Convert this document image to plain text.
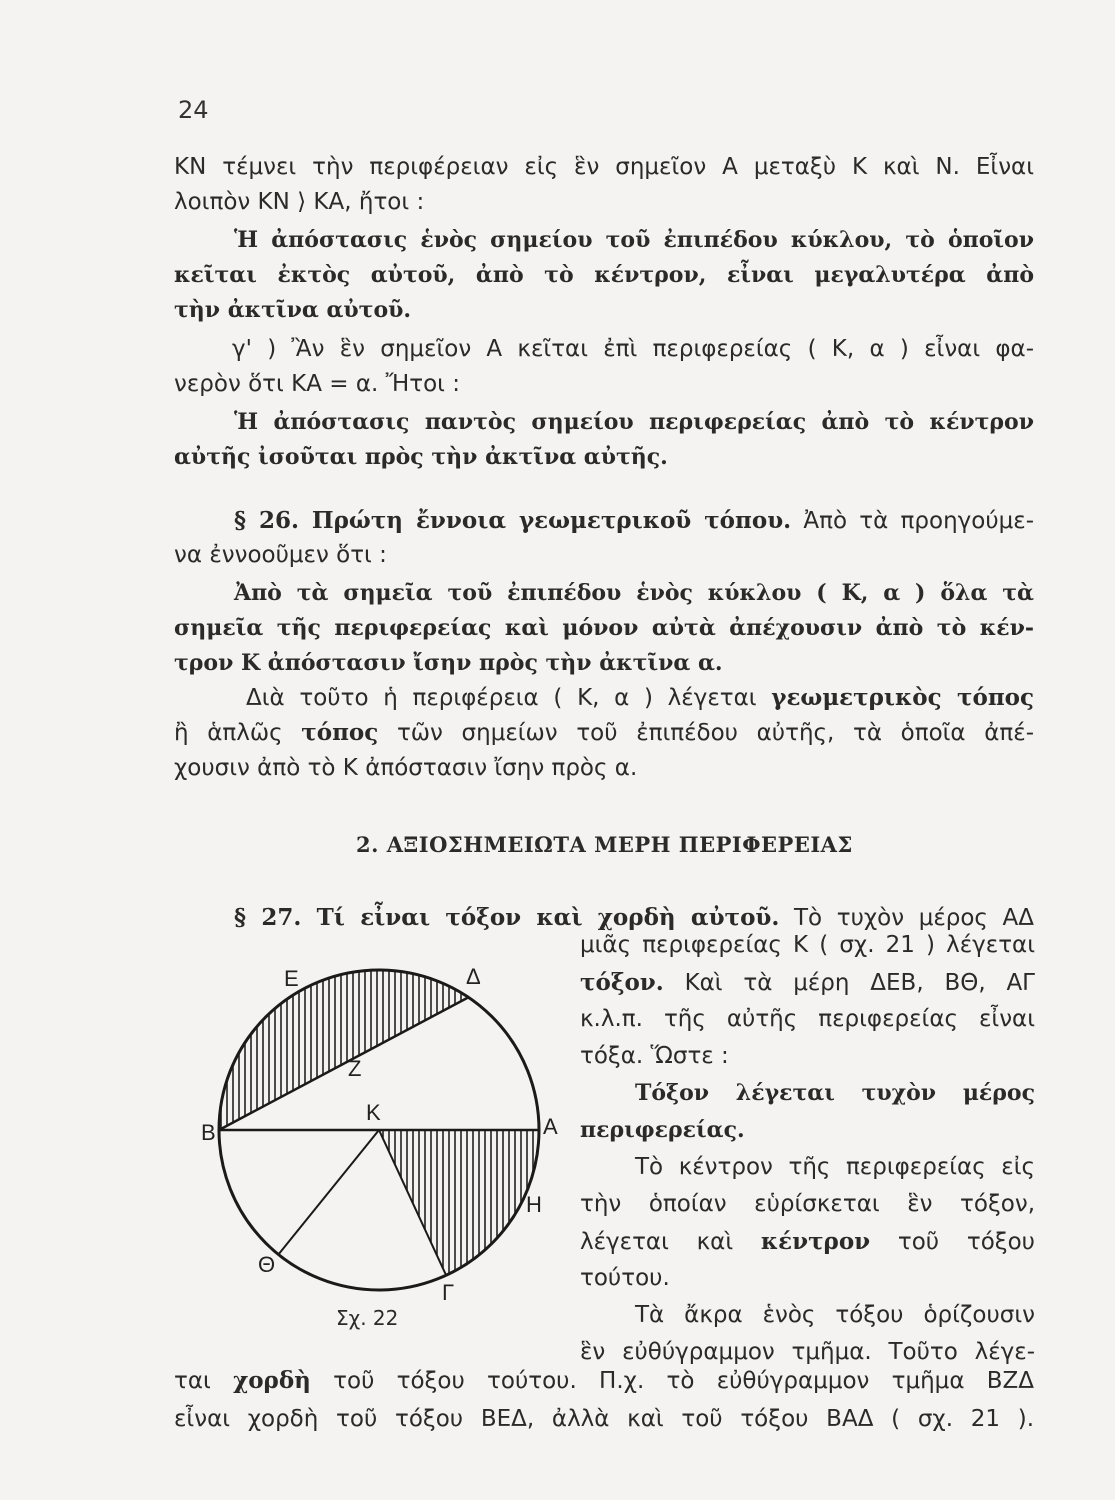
24
ΚΝ τέμνει τὴν περιφέρειαν εἰς ἓν σημεῖον Α μεταξὺ Κ καὶ Ν. Εἶναι
λοιπὸν ΚΝ ⟩ ΚΑ, ἤτοι :
Ἡ ἀπόστασις ἑνὸς σημείου τοῦ ἐπιπέδου κύκλου, τὸ ὁποῖον
κεῖται ἐκτὸς αὐτοῦ, ἀπὸ τὸ κέντρον, εἶναι μεγαλυτέρα ἀπὸ
τὴν ἀκτῖνα αὐτοῦ.
γ' ) Ἂν ἓν σημεῖον Α κεῖται ἐπὶ περιφερείας ( Κ, α ) εἶναι φα-
νερὸν ὅτι ΚΑ = α. Ἤτοι :
Ἡ ἀπόστασις παντὸς σημείου περιφερείας ἀπὸ τὸ κέντρον
αὐτῆς ἰσοῦται πρὸς τὴν ἀκτῖνα αὐτῆς.
§ 26. Πρώτη ἔννοια γεωμετρικοῦ τόπου. Ἀπὸ τὰ προηγούμε-
να ἐννοοῦμεν ὅτι :
Ἀπὸ τὰ σημεῖα τοῦ ἐπιπέδου ἑνὸς κύκλου ( Κ, α ) ὅλα τὰ
σημεῖα τῆς περιφερείας καὶ μόνον αὐτὰ ἀπέχουσιν ἀπὸ τὸ κέν-
τρον Κ ἀπόστασιν ἴσην πρὸς τὴν ἀκτῖνα α.
Διὰ τοῦτο ἡ περιφέρεια ( Κ, α ) λέγεται γεωμετρικὸς τόπος
ἢ ἁπλῶς τόπος τῶν σημείων τοῦ ἐπιπέδου αὐτῆς, τὰ ὁποῖα ἀπέ-
χουσιν ἀπὸ τὸ Κ ἀπόστασιν ἴσην πρὸς α.
2. ΑΞΙΟΣΗΜΕΙΩΤΑ ΜΕΡΗ ΠΕΡΙΦΕΡΕΙΑΣ
§ 27. Τί εἶναι τόξον καὶ χορδὴ αὐτοῦ. Τὸ τυχὸν μέρος ΑΔ
Ε	Δ
Ζ
Β
Κ
Α
Η
Θ
Γ
Σχ. 22
μιᾶς περιφερείας Κ ( σχ. 21 ) λέγεται
τόξον. Καὶ τὰ μέρη ΔΕΒ, ΒΘ, ΑΓ
κ.λ.π. τῆς αὐτῆς περιφερείας εἶναι
τόξα. Ὥστε :
Τόξον λέγεται τυχὸν μέρος
περιφερείας.
Τὸ κέντρον τῆς περιφερείας εἰς
τὴν ὁποίαν εὑρίσκεται ἓν τόξον,
λέγεται καὶ κέντρον τοῦ τόξου
τούτου.
Τὰ ἄκρα ἑνὸς τόξου ὁρίζουσιν
ἓν εὐθύγραμμον τμῆμα. Τοῦτο λέγε-
ται χορδὴ τοῦ τόξου τούτου. Π.χ. τὸ εὐθύγραμμον τμῆμα ΒΖΔ
εἶναι χορδὴ τοῦ τόξου ΒΕΔ, ἀλλὰ καὶ τοῦ τόξου ΒΑΔ ( σχ. 21 ).
